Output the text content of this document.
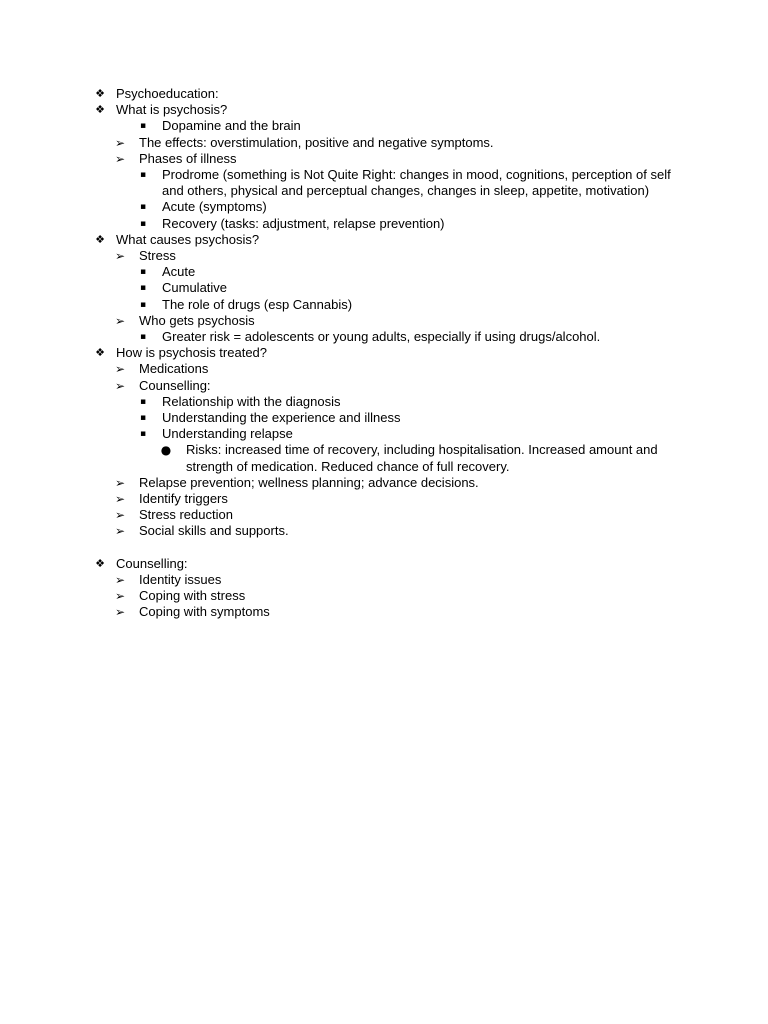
❖ Psychoeducation:
❖ What is psychosis?
▪	Dopamine and the brain
➢ The effects: overstimulation, positive and negative symptoms.
➢ Phases of illness
▪	Prodrome (something is Not Quite Right: changes in mood, cognitions, perception of self and others, physical and perceptual changes, changes in sleep, appetite, motivation)
▪	Acute (symptoms)
▪	Recovery (tasks: adjustment, relapse prevention)
❖ What causes psychosis?
➢ Stress
▪	Acute
▪	Cumulative
▪	The role of drugs (esp Cannabis)
➢ Who gets psychosis
▪	Greater risk = adolescents or young adults, especially if using drugs/alcohol.
❖ How is psychosis treated?
➢ Medications
➢ Counselling:
▪	Relationship with the diagnosis
▪	Understanding the experience and illness
▪	Understanding relapse
● Risks: increased time of recovery, including hospitalisation. Increased amount and strength of medication. Reduced chance of full recovery.
➢ Relapse prevention; wellness planning; advance decisions.
➢ Identify triggers
➢ Stress reduction
➢ Social skills and supports.
❖ Counselling:
➢ Identity issues
➢ Coping with stress
➢ Coping with symptoms
